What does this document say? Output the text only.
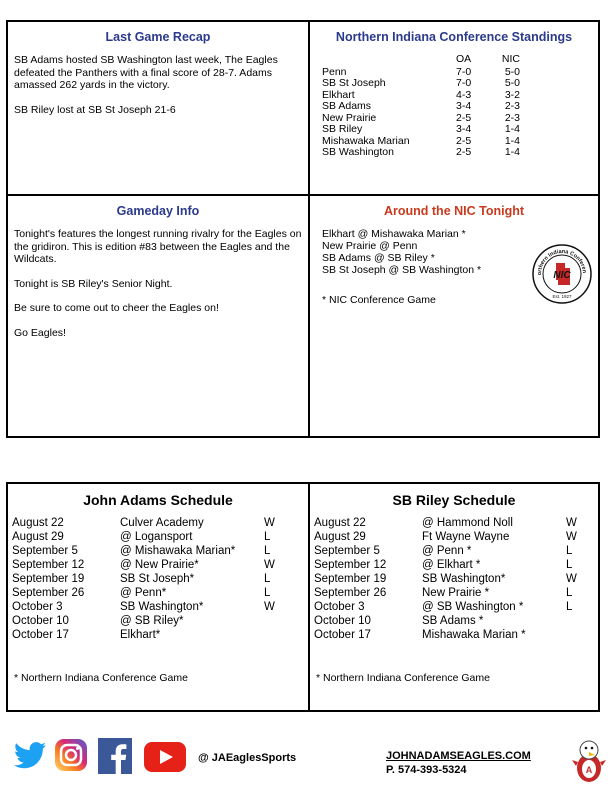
Last Game Recap

SB Adams hosted SB Washington last week, The Eagles defeated the Panthers with a final score of 28-7. Adams amassed 262 yards in the victory.

SB Riley lost at SB St Joseph 21-6

Northern Indiana Conference Standings
	OA	NIC
Penn	7-0	5-0
SB St Joseph	7-0	5-0
Elkhart	4-3	3-2
SB Adams	3-4	2-3
New Prairie	2-5	2-3
SB Riley	3-4	1-4
Mishawaka Marian	2-5	1-4
SB Washington	2-5	1-4
Gameday Info

Tonight's features the longest running rivalry for the Eagles on the gridiron. This is edition #83 between the Eagles and the Wildcats.

Tonight is SB Riley's Senior Night.

Be sure to come out to cheer the Eagles on!

Go Eagles!

Around the NIC Tonight
Elkhart @ Mishawaka Marian *
New Prairie @ Penn
SB Adams @ SB Riley *
SB St Joseph @ SB Washington *
* NIC Conference Game
orthern Indiana Conferen
NIC
Est. 1927
John Adams Schedule
August 22	Culver Academy	W
August 29	@ Logansport	L
September 5	@ Mishawaka Marian*	L
September 12	@ New Prairie*	W
September 19	SB St Joseph*	L
September 26	@ Penn*	L
October 3	SB Washington*	W
October 10	@ SB Riley*	
October 17	Elkhart*	
* Northern Indiana Conference Game
SB Riley Schedule
August 22	@ Hammond Noll	W
August 29	Ft Wayne Wayne	W
September 5	@ Penn *	L
September 12	@ Elkhart *	L
September 19	SB Washington*	W
September 26	New Prairie *	L
October 3	@ SB Washington *	L
October 10	SB Adams *	
October 17	Mishawaka Marian *	
* Northern Indiana Conference Game
@ JAEaglesSports	JOHNADAMSEAGLES.COM
P. 574-393-5324	A
